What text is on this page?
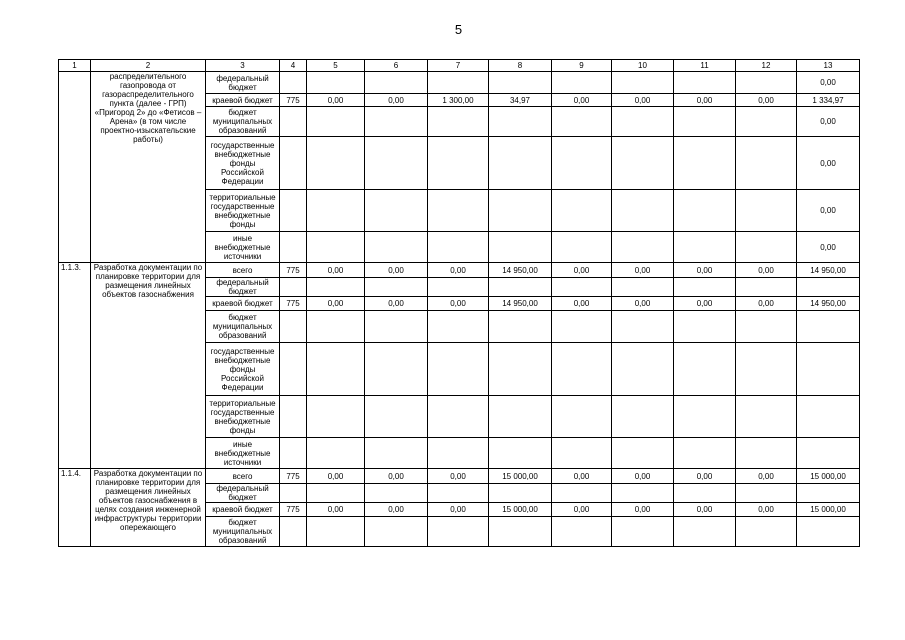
5
1	2	3	4	5	6	7	8	9	10	11	12	13
	распределительного газопровода от газораспределительного пункта (далее - ГРП) «Пригород 2» до «Фетисов – Арена» (в том числе проектно-изыскательские работы)	федеральный бюджет										0,00
		краевой бюджет	775	0,00	0,00	1 300,00	34,97	0,00	0,00	0,00	0,00	1 334,97
		бюджет муниципальных образований										0,00
		государственные внебюджетные фонды Российской Федерации										0,00
		территориальные государственные внебюджетные фонды										0,00
		иные внебюджетные источники										0,00
1.1.3.	Разработка документации по планировке территории для размещения линейных объектов газоснабжения	всего	775	0,00	0,00	0,00	14 950,00	0,00	0,00	0,00	0,00	14 950,00
		федеральный бюджет										
		краевой бюджет	775	0,00	0,00	0,00	14 950,00	0,00	0,00	0,00	0,00	14 950,00
		бюджет муниципальных образований										
		государственные внебюджетные фонды Российской Федерации										
		территориальные государственные внебюджетные фонды										
		иные внебюджетные источники										
1.1.4.	Разработка документации по планировке территории для размещения линейных объектов газоснабжения в целях создания инженерной инфраструктуры территории опережающего	всего	775	0,00	0,00	0,00	15 000,00	0,00	0,00	0,00	0,00	15 000,00
		федеральный бюджет										
		краевой бюджет	775	0,00	0,00	0,00	15 000,00	0,00	0,00	0,00	0,00	15 000,00
		бюджет муниципальных образований										
